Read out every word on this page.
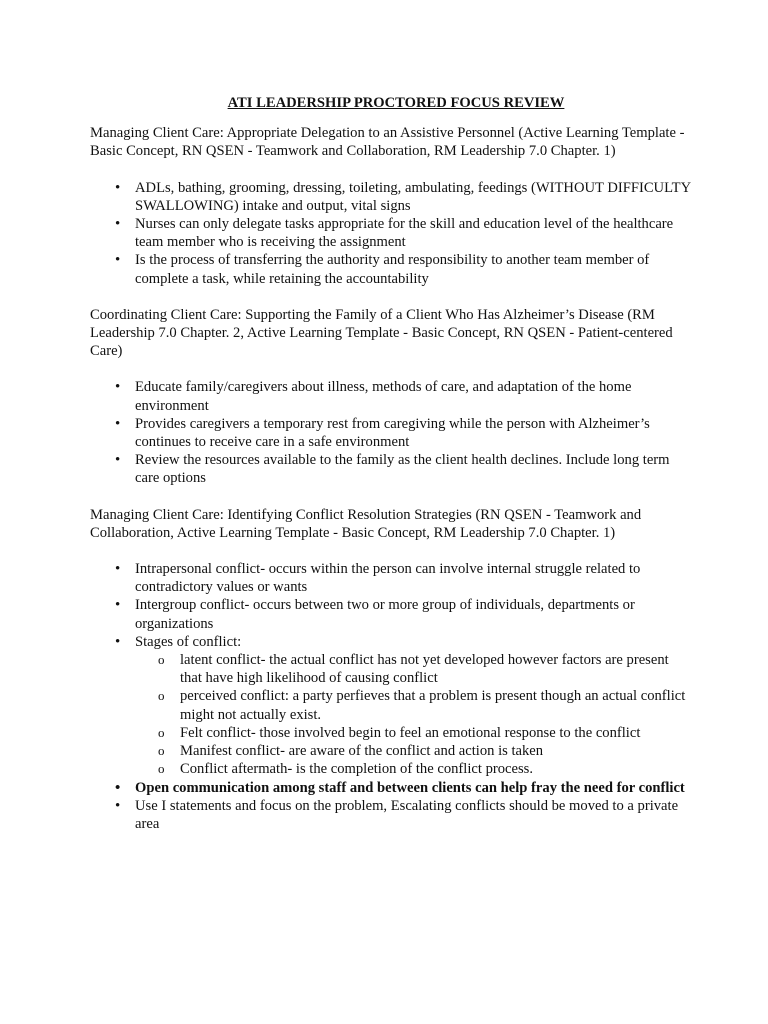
ATI LEADERSHIP PROCTORED FOCUS REVIEW

Managing Client Care: Appropriate Delegation to an Assistive Personnel (Active Learning Template - Basic Concept, RN QSEN - Teamwork and Collaboration, RM Leadership 7.0 Chapter. 1)

• ADLs, bathing, grooming, dressing, toileting, ambulating, feedings (WITHOUT DIFFICULTY SWALLOWING) intake and output, vital signs
• Nurses can only delegate tasks appropriate for the skill and education level of the healthcare team member who is receiving the assignment
• Is the process of transferring the authority and responsibility to another team member of complete a task, while retaining the accountability

Coordinating Client Care: Supporting the Family of a Client Who Has Alzheimer’s Disease (RM Leadership 7.0 Chapter. 2, Active Learning Template - Basic Concept, RN QSEN - Patient-centered Care)

• Educate family/caregivers about illness, methods of care, and adaptation of the home environment
• Provides caregivers a temporary rest from caregiving while the person with Alzheimer’s continues to receive care in a safe environment
• Review the resources available to the family as the client health declines. Include long term care options

Managing Client Care: Identifying Conflict Resolution Strategies (RN QSEN - Teamwork and Collaboration, Active Learning Template - Basic Concept, RM Leadership 7.0 Chapter. 1)

• Intrapersonal conflict- occurs within the person can involve internal struggle related to contradictory values or wants
• Intergroup conflict- occurs between two or more group of individuals, departments or organizations
• Stages of conflict:
o latent conflict- the actual conflict has not yet developed however factors are present that have high likelihood of causing conflict
o perceived conflict: a party perfieves that a problem is present though an actual conflict might not actually exist.
o Felt conflict- those involved begin to feel an emotional response to the conflict
o Manifest conflict- are aware of the conflict and action is taken
o Conflict aftermath- is the completion of the conflict process.
• Open communication among staff and between clients can help fray the need for conflict
• Use I statements and focus on the problem, Escalating conflicts should be moved to a private area
